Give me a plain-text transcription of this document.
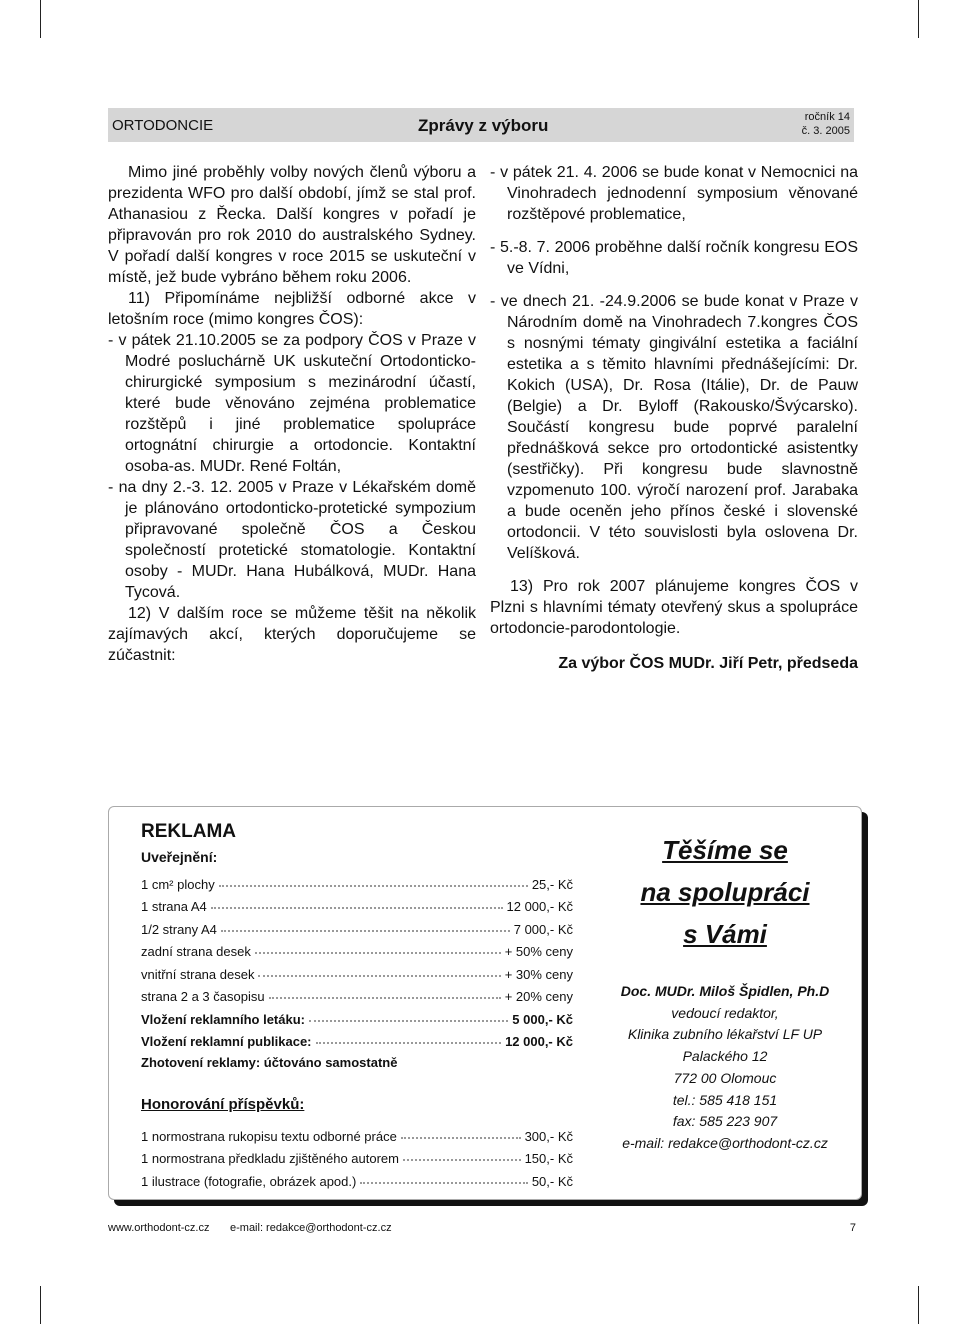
ORTODONCIE	Zprávy z výboru	ročník 14
č. 3. 2005

Mimo jiné proběhly volby nových členů výboru a prezidenta WFO pro další období, jímž se stal prof. Athanasiou z Řecka. Další kongres v pořadí je připravován pro rok 2010 do australského Sydney. V pořadí další kongres v roce 2015 se uskuteční v místě, jež bude vybráno během roku 2006.

11) Připomínáme nejbližší odborné akce v letošním roce (mimo kongres ČOS):

- v pátek 21.10.2005 se za podpory ČOS v Praze v Modré posluchárně UK uskuteční Ortodonticko-chirurgické symposium s mezinárodní účastí, které bude věnováno zejména problematice rozštěpů i jiné problematice spolupráce ortognátní chirurgie a ortodoncie. Kontaktní osoba-as. MUDr. René Foltán,

- na dny 2.-3. 12. 2005 v Praze v Lékařském domě je plánováno ortodonticko-protetické sympozium připravované společně ČOS a Českou společností protetické stomatologie. Kontaktní osoby - MUDr. Hana Hubálková, MUDr. Hana Tycová.

12) V dalším roce se můžeme těšit na několik zajímavých akcí, kterých doporučujeme se zúčastnit:

- v pátek 21. 4. 2006 se bude konat v Nemocnici na Vinohradech jednodenní symposium věnované rozštěpové problematice,

- 5.-8. 7. 2006 proběhne další ročník kongresu EOS ve Vídni,

- ve dnech 21. -24.9.2006 se bude konat v Praze v Národním domě na Vinohradech 7.kongres ČOS s nosnými tématy gingivální estetika a faciální estetika a s těmito hlavními přednášejícími: Dr. Kokich (USA), Dr. Rosa (Itálie), Dr. de Pauw (Belgie) a Dr. Byloff (Rakousko/Švýcarsko). Součástí kongresu bude poprvé paralelní přednášková sekce pro ortodontické asistentky (sestřičky). Při kongresu bude slavnostně vzpomenuto 100. výročí narození prof. Jarabaka a bude oceněn jeho přínos české i slovenské ortodoncii. V této souvislosti byla oslovena Dr. Velíšková.

13) Pro rok 2007 plánujeme kongres ČOS v Plzni s hlavními tématy otevřený skus a spolupráce ortodoncie-parodontologie.

Za výbor ČOS MUDr. Jiří Petr, předseda

REKLAMA
Uveřejnění:
1 cm² plochy	25,- Kč
1 strana A4	12 000,- Kč
1/2 strany A4	7 000,- Kč
zadní strana desek	+ 50% ceny
vnitřní strana desek	+ 30% ceny
strana 2 a 3 časopisu	+ 20% ceny
Vložení reklamního letáku:	5 000,- Kč
Vložení reklamní publikace:	12 000,- Kč
Zhotovení reklamy: účtováno samostatně
Honorování příspěvků:
1 normostrana rukopisu textu odborné práce	300,- Kč
1 normostrana předkladu zjištěného autorem	150,- Kč
1 ilustrace (fotografie, obrázek apod.)	50,- Kč
Těšíme se
na spolupráci
s Vámi
Doc. MUDr. Miloš Špidlen, Ph.D
vedoucí redaktor,
Klinika zubního lékařství LF UP
Palackého 12
772 00 Olomouc
tel.: 585 418 151
fax: 585 223 907
e-mail: redakce@orthodont-cz.cz
www.orthodont-cz.cz e-mail: redakce@orthodont-cz.cz	7
